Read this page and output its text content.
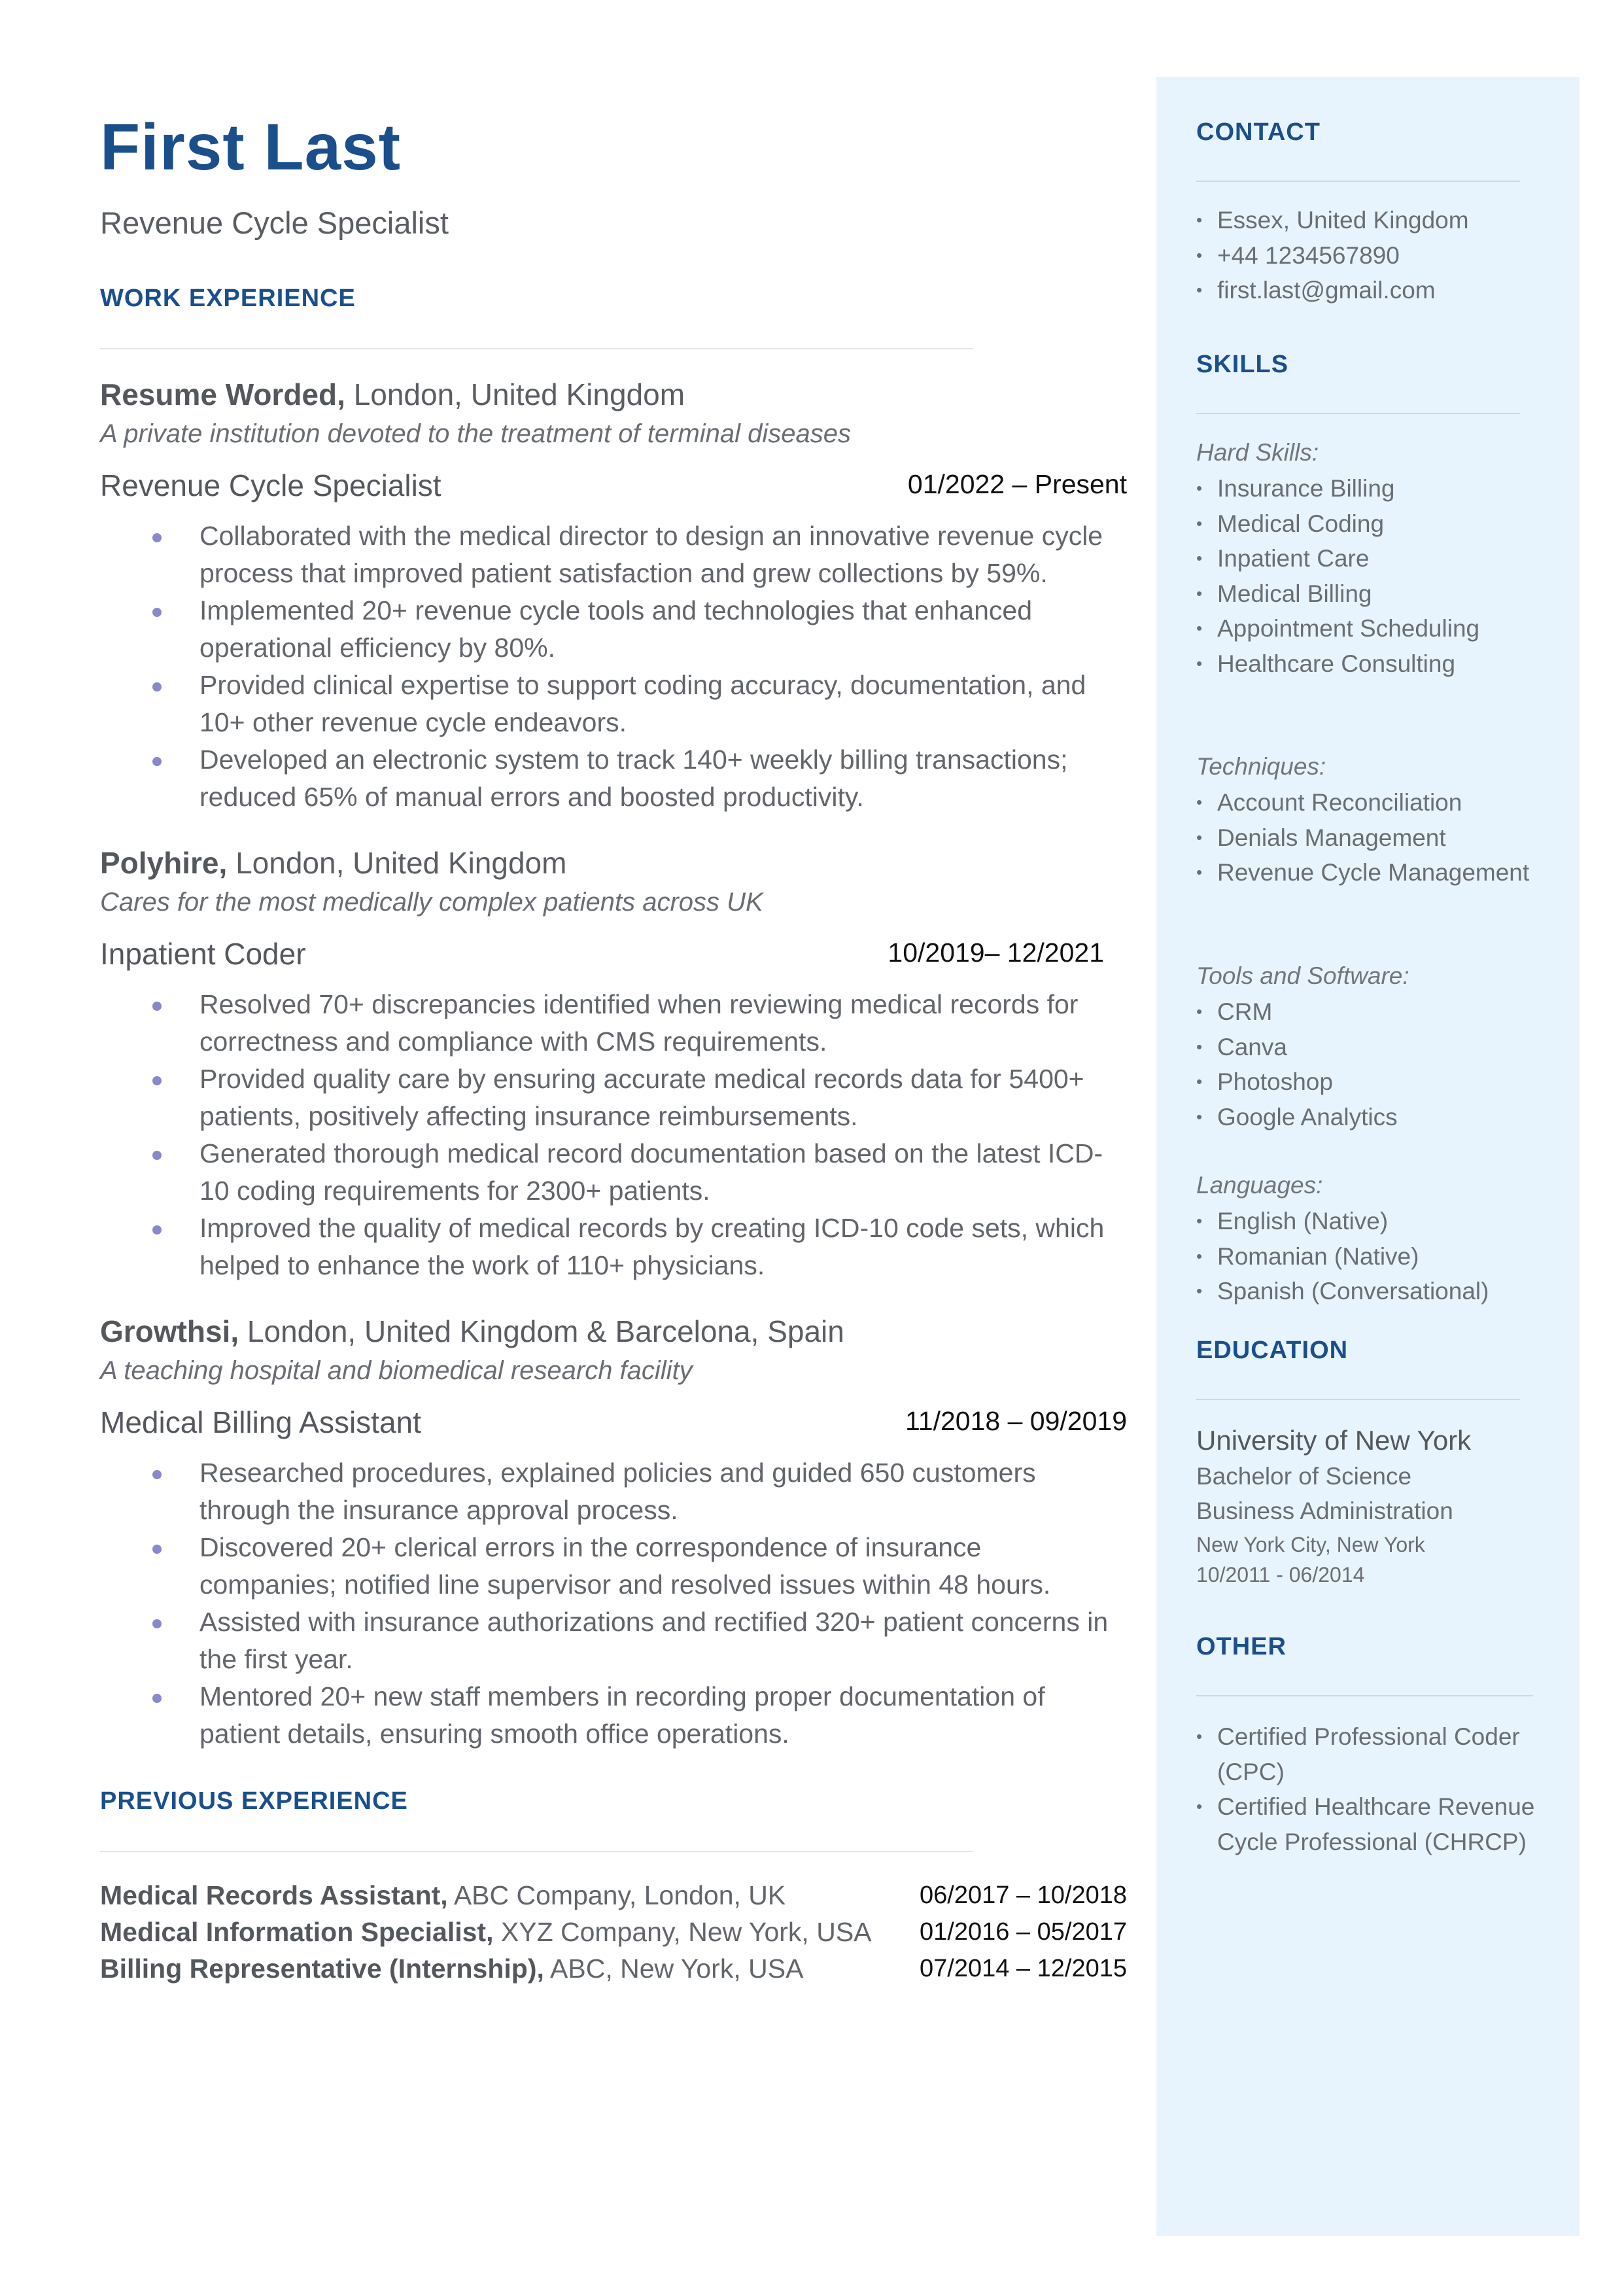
First Last
Revenue Cycle Specialist
WORK EXPERIENCE
Resume Worded, London, United Kingdom
A private institution devoted to the treatment of terminal diseases
Revenue Cycle Specialist	01/2022 – Present
Collaborated with the medical director to design an innovative revenue cycle process that improved patient satisfaction and grew collections by 59%.
Implemented 20+ revenue cycle tools and technologies that enhanced operational efficiency by 80%.
Provided clinical expertise to support coding accuracy, documentation, and 10+ other revenue cycle endeavors.
Developed an electronic system to track 140+ weekly billing transactions; reduced 65% of manual errors and boosted productivity.
Polyhire, London, United Kingdom
Cares for the most medically complex patients across UK
Inpatient Coder	10/2019– 12/2021
Resolved 70+ discrepancies identified when reviewing medical records for correctness and compliance with CMS requirements.
Provided quality care by ensuring accurate medical records data for 5400+ patients, positively affecting insurance reimbursements.
Generated thorough medical record documentation based on the latest ICD-10 coding requirements for 2300+ patients.
Improved the quality of medical records by creating ICD-10 code sets, which helped to enhance the work of 110+ physicians.
Growthsi, London, United Kingdom & Barcelona, Spain
A teaching hospital and biomedical research facility
Medical Billing Assistant	11/2018 – 09/2019
Researched procedures, explained policies and guided 650 customers through the insurance approval process.
Discovered 20+ clerical errors in the correspondence of insurance companies; notified line supervisor and resolved issues within 48 hours.
Assisted with insurance authorizations and rectified 320+ patient concerns in the first year.
Mentored 20+ new staff members in recording proper documentation of patient details, ensuring smooth office operations.
PREVIOUS EXPERIENCE
Medical Records Assistant, ABC Company, London, UK	06/2017 – 10/2018
Medical Information Specialist, XYZ Company, New York, USA 01/2016 – 05/2017
Billing Representative (Internship), ABC, New York, USA	07/2014 – 12/2015
CONTACT
• Essex, United Kingdom
• +44 1234567890
• first.last@gmail.com
SKILLS
Hard Skills:
• Insurance Billing
• Medical Coding
• Inpatient Care
• Medical Billing
• Appointment Scheduling
• Healthcare Consulting
Techniques:
• Account Reconciliation
• Denials Management
• Revenue Cycle Management
Tools and Software:
• CRM
• Canva
• Photoshop
• Google Analytics
Languages:
• English (Native)
• Romanian (Native)
• Spanish (Conversational)
EDUCATION
University of New York
Bachelor of Science
Business Administration
New York City, New York
10/2011 - 06/2014
OTHER
• Certified Professional Coder (CPC)
• Certified Healthcare Revenue Cycle Professional (CHRCP)
